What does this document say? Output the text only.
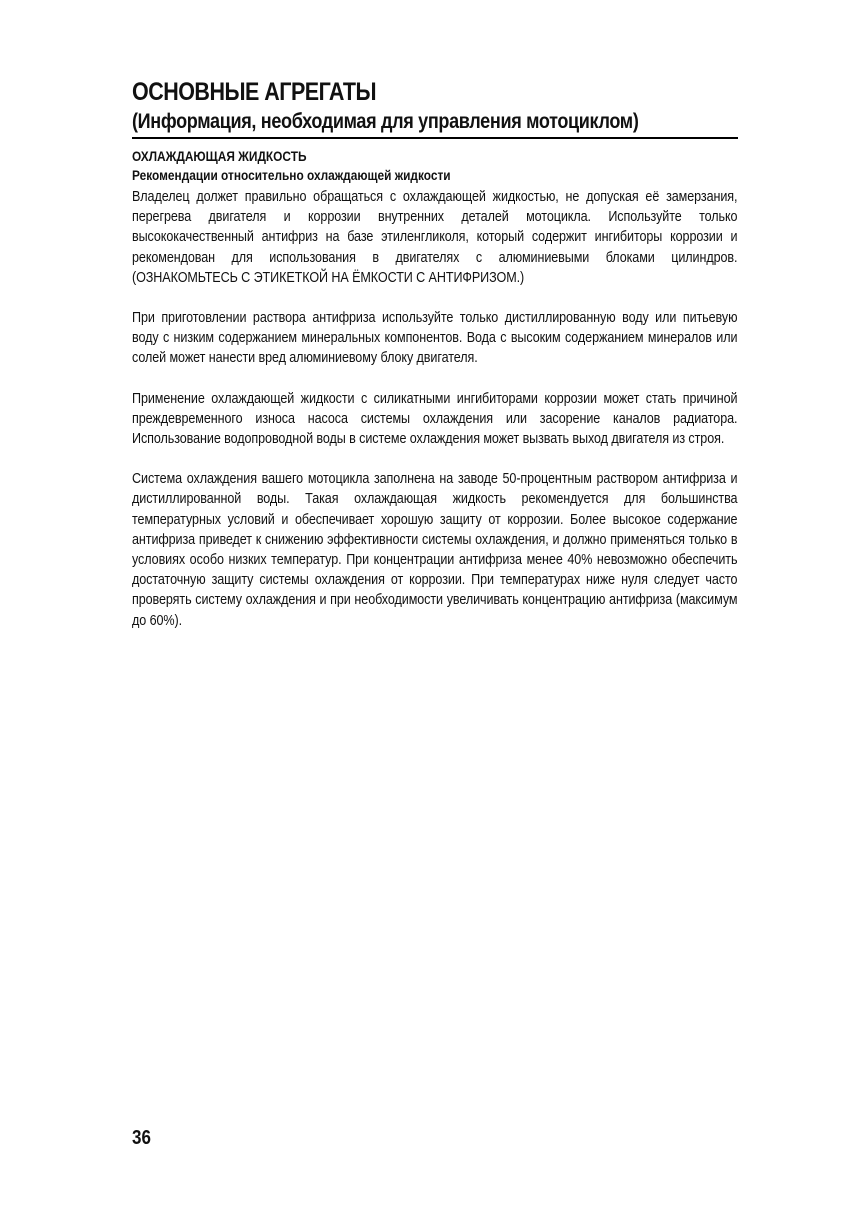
ОСНОВНЫЕ АГРЕГАТЫ
(Информация, необходимая для управления мотоциклом)
ОХЛАЖДАЮЩАЯ ЖИДКОСТЬ
Рекомендации относительно охлаждающей жидкости

Владелец должет правильно обращаться с охлаждающей жидкостью, не допуская её замерзания, перегрева двигателя и коррозии внутренних деталей мотоцикла. Используйте только высококачественный антифриз на базе этиленгликоля, который содержит ингибиторы коррозии и рекомендован для использования в двигателях с алюминиевыми блоками цилиндров. (ОЗНАКОМЬТЕСЬ С ЭТИКЕТКОЙ НА ЁМКОСТИ С АНТИФРИЗОМ.)

При приготовлении раствора антифриза используйте только дистиллированную воду или питьевую воду с низким содержанием минеральных компонентов. Вода с высоким содержанием минералов или солей может нанести вред алюминиевому блоку двигателя.

Применение охлаждающей жидкости с силикатными ингибиторами коррозии может стать причиной преждевременного износа насоса системы охлаждения или засорение каналов радиатора. Использование водопроводной воды в системе охлаждения может вызвать выход двигателя из строя.

Система охлаждения вашего мотоцикла заполнена на заводе 50-процентным раствором антифриза и дистиллированной воды. Такая охлаждающая жидкость рекомендуется для большинства температурных условий и обеспечивает хорошую защиту от коррозии. Более высокое содержание антифриза приведет к снижению эффективности системы охлаждения, и должно применяться только в условиях особо низких температур. При концентрации антифриза менее 40% невозможно обеспечить достаточную защиту системы охлаждения от коррозии. При температурах ниже нуля следует часто проверять систему охлаждения и при необходимости увеличивать концентрацию антифриза (максимум до 60%).

36
